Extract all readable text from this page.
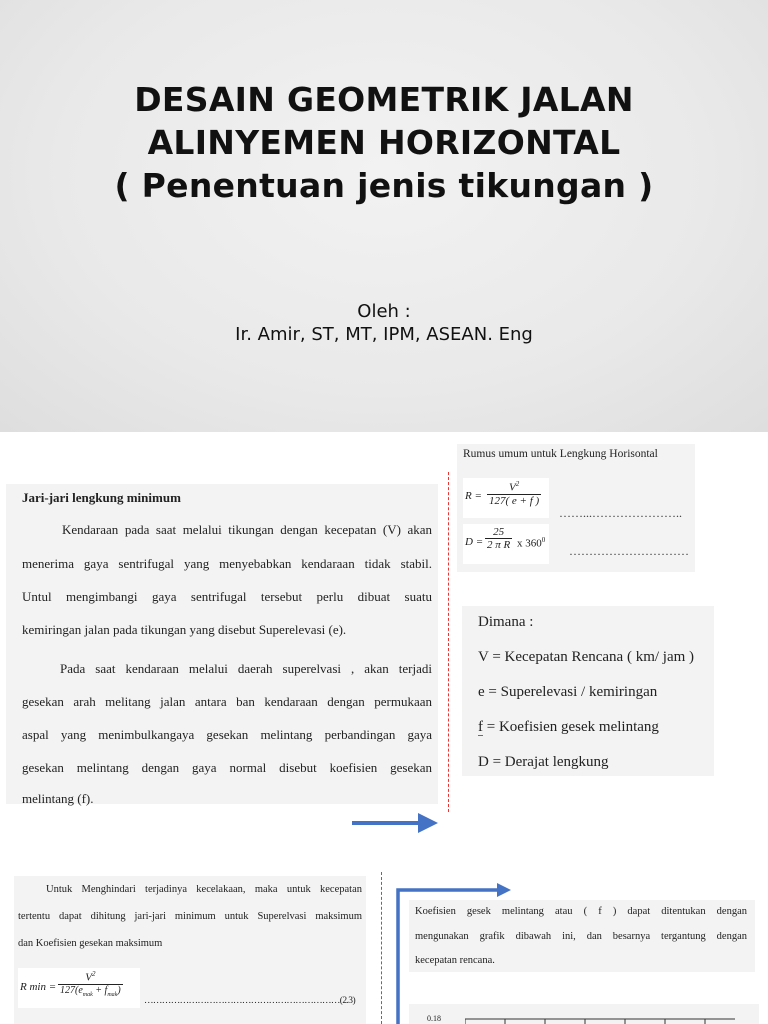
DESAIN GEOMETRIK JALAN
ALINYEMEN HORIZONTAL
( Penentuan jenis tikungan )
Oleh :
Ir. Amir, ST, MT, IPM, ASEAN. Eng
Jari-jari lengkung minimum
Kendaraan pada saat melalui tikungan dengan kecepatan (V) akan
menerima gaya sentrifugal yang menyebabkan kendaraan tidak stabil.
Untul mengimbangi gaya sentrifugal tersebut perlu dibuat suatu
kemiringan jalan pada tikungan yang disebut Superelevasi (e).
Pada saat kendaraan melalui daerah superelvasi , akan terjadi
gesekan arah melitang jalan antara ban kendaraan dengan permukaan
aspal yang menimbulkangaya gesekan melintang perbandingan gaya
gesekan melintang dengan gaya normal disebut koefisien gesekan
melintang (f).
Rumus umum untuk Lengkung Horisontal
$R = \frac{V^2}{127( e + f )}$
$D = \frac{25}{\text{2 π R}}$ x $360^0$
……...…………………..
…………………………
Dimana :
V = Kecepatan Rencana ( km/ jam )
e = Superelevasi / kemiringan
f = Koefisien gesek melintang
D = Derajat lengkung
Untuk Menghindari terjadinya kecelakaan, maka untuk kecepatan
tertentu dapat dihitung jari-jari minimum untuk Superelvasi maksimum
dan Koefisien gesekan maksimum
R min =
$V^2$
$127(e_{mak} + f_{mak})$
…………………………………………………………(2.3)
Koefisien gesek melintang atau ( f ) dapat ditentukan dengan
mengunakan grafik dibawah ini, dan besarnya tergantung dengan
kecepatan rencana.
0.18
